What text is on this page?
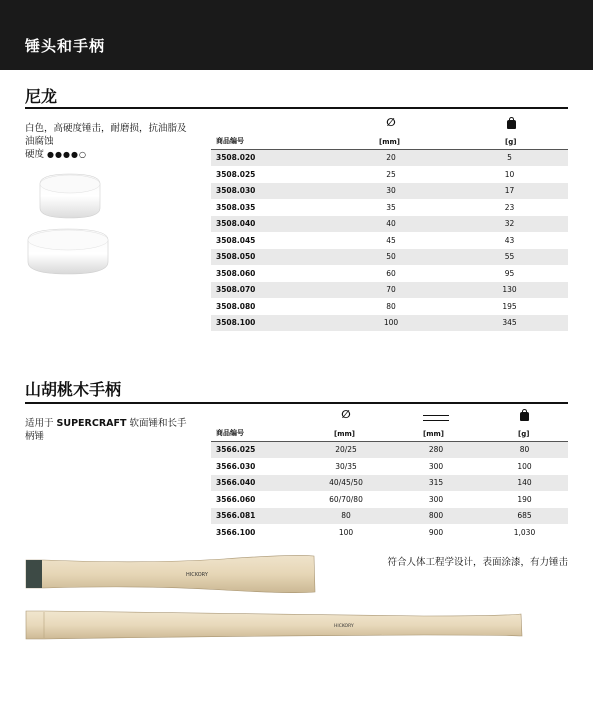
锤头和手柄
尼龙
白色，高硬度锤击，耐磨损，抗油脂及油腐蚀
硬度 ●●●●○
商品编号
∅
[mm]	[g]
3508.020	20	5
3508.025	25	10
3508.030	30	17
3508.035	35	23
3508.040	40	32
3508.045	45	43
3508.050	50	55
3508.060	60	95
3508.070	70	130
3508.080	80	195
3508.100	100	345
山胡桃木手柄
适用于 SUPERCRAFT 软面锤和长手柄锤	商品编号
∅
[mm]	[mm]	[g]
3566.025	20/25	280	80
3566.030	30/35	300	100
3566.040	40/45/50	315	140
3566.060	60/70/80	300	190
3566.081	80	800	685
3566.100	100	900	1,030
符合人体工程学设计，表面涂漆，有力锤击
HICKORY
HICKORY
